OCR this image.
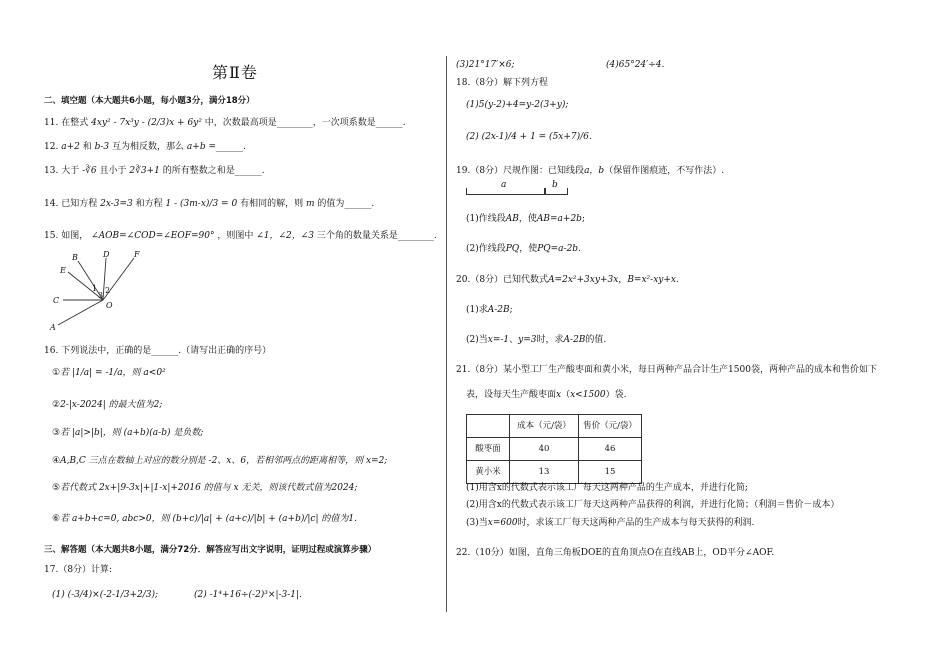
第Ⅱ卷
二、填空题（本大题共6小题，每小题3分，满分18分）
11. 在整式 4xy² - 7x³y - (2/3)x + 6y² 中，次数最高项是________，一次项系数是______.
12. a+2 和 b-3 互为相反数，那么 a+b =______.
13. 大于 -∛6 且小于 2∛3+1 的所有整数之和是______.
14. 已知方程 2x-3=3 和方程 1 - (3m-x)/3 = 0 有相同的解，则 m 的值为______.
15. 如图， ∠AOB=∠COD=∠EOF=90° ，则图中 ∠1，∠2，∠3 三个角的数量关系是________.
A
B
C
D
E
F
O
1 2
3
16. 下列说法中，正确的是______.（请写出正确的序号）
①若 |1/a| = -1/a，则 a<0²
②2-|x-2024| 的最大值为2;
③若 |a|>|b|，则 (a+b)(a-b) 是负数;
④A,B,C 三点在数轴上对应的数分别是 -2、x、6，若相邻两点的距离相等，则 x=2;
⑤若代数式 2x+|9-3x|+|1-x|+2016 的值与 x 无关，则该代数式值为2024;
⑥若 a+b+c=0, abc>0，则 (b+c)/|a| + (a+c)/|b| + (a+b)/|c| 的值为1.
三、解答题（本大题共8小题，满分72分．解答应写出文字说明，证明过程或演算步骤）
17.（8分）计算:
(1) (-3/4)×(-2-1/3+2/3);	(2) -1⁴+16÷(-2)³×|-3-1|.
(3)21°17′×6;	(4)65°24′÷4.
18.（8分）解下列方程
(1)5(y-2)+4=y-2(3+y);
(2) (2x-1)/4 + 1 = (5x+7)/6.
19.（8分）尺规作图：已知线段a，b（保留作图痕迹，不写作法）.
a	b
(1)作线段AB，使AB=a+2b;
(2)作线段PQ，使PQ=a-2b.
20.（8分）已知代数式A=2x²+3xy+3x，B=x²-xy+x.
(1)求A-2B;
(2)当x=-1、y=3时，求A-2B的值.
21.（8分）某小型工厂生产酸枣面和黄小米，每日两种产品合计生产1500袋，两种产品的成本和售价如下
表，设每天生产酸枣面x（x<1500）袋.
	成本（元/袋）	售价（元/袋）
酸枣面	40	46
黄小米	13	15
(1)用含x的代数式表示该工厂每天这两种产品的生产成本，并进行化简;
(2)用含x的代数式表示该工厂每天这两种产品获得的利润，并进行化简；（利润＝售价－成本）
(3)当x=600时，求该工厂每天这两种产品的生产成本与每天获得的利润.
22.（10分）如图，直角三角板DOE的直角顶点O在直线AB上，OD平分∠AOF.
